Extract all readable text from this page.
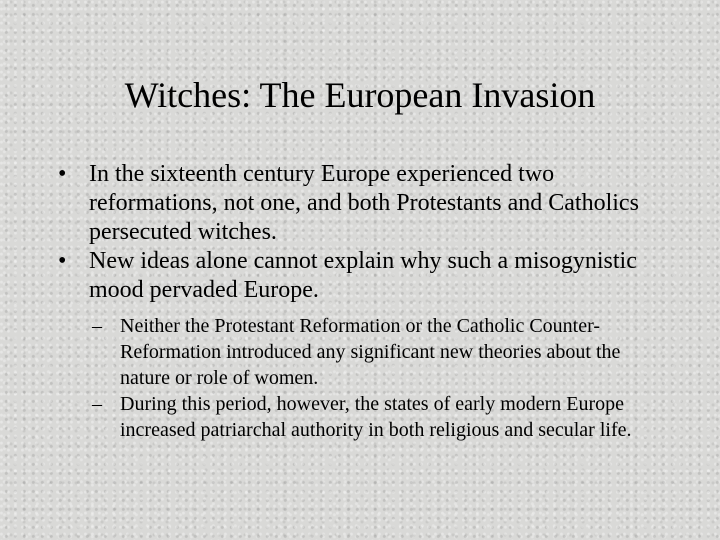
Witches: The European Invasion
• In the sixteenth century Europe experienced two reformations, not one, and both Protestants and Catholics persecuted witches.
• New ideas alone cannot explain why such a misogynistic mood pervaded Europe.
– Neither the Protestant Reformation or the Catholic Counter-Reformation introduced any significant new theories about the nature or role of women.
– During this period, however, the states of early modern Europe increased patriarchal authority in both religious and secular life.
